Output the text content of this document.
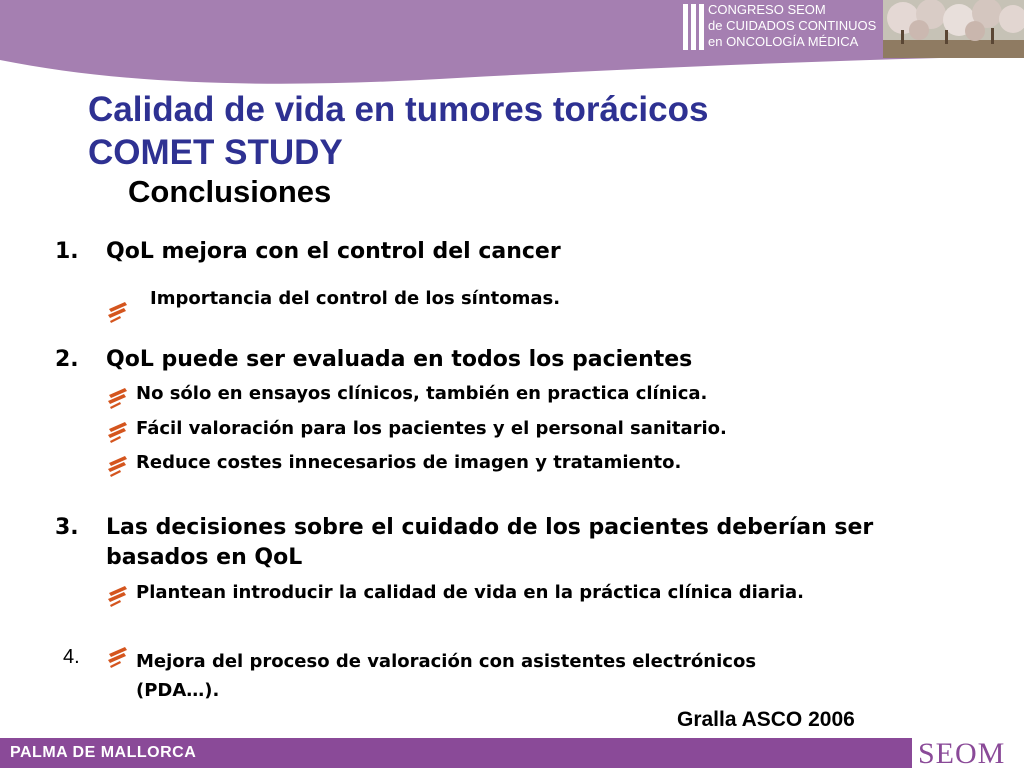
CONGRESO SEOM
de CUIDADOS CONTINUOS
en ONCOLOGÍA MÉDICA
Calidad de vida en tumores torácicos
COMET STUDY
Conclusiones
1. QoL mejora con el control del cancer
Importancia del control de los síntomas.
2. QoL puede ser evaluada en todos los pacientes
No sólo en ensayos clínicos, también en practica clínica.
Fácil valoración para los pacientes y el personal sanitario.
Reduce costes innecesarios de imagen y tratamiento.
3. Las decisiones sobre el cuidado de los pacientes deberían ser
basados en QoL
Plantean introducir la calidad de vida en la práctica clínica diaria.
4.	Mejora del proceso de valoración con asistentes electrónicos
(PDA…).
Gralla ASCO 2006
PALMA DE MALLORCA	SEOM
